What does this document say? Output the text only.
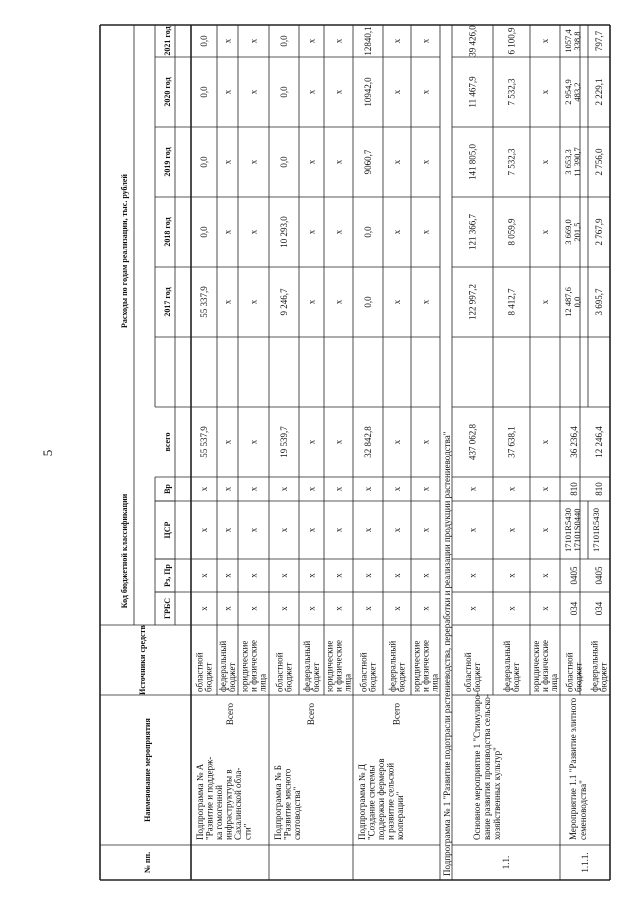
№ пп.
Наименование мероприятия
Источники средств
Код бюджетной классификации
Расходы по годам реализации, тыс. рублей
всего
ГРБС
Рз, Пр
ЦСР
Вр
2017 год
2018 год
2019 год
2020 год
2021 год
Подпрограмма № А "Развитие и поддерж- ка гомогенной инфраструктуры в Сахалинской обла- сти"
Всего
областной бюджет
х
х
х
х
55 537,9
55 337,9
0,0
0,0
0,0
0,0
федеральный бюджет
х
х
х
х
х
х
х
х
х
х
юридические и физические лица
х
х
х
х
х
х
х
х
х
х
Подпрограмма № Б "Развитие мясного скотоводства"
Всего
областной бюджет
х
х
х
х
19 539,7
9 246,7
10 293,0
0,0
0,0
0,0
федеральный бюджет
х
х
х
х
х
х
х
х
х
х
юридические и физические лица
х
х
х
х
х
х
х
х
х
х
Подпрограмма № Д "Создание системы поддержки фермеров и развитие сельской кооперации"
Всего
областной бюджет
х
х
х
х
32 842,8
0,0
0,0
9060,7
10942,0
12840,1
федеральный бюджет
х
х
х
х
х
х
х
х
х
х
юридические и физические лица
х
х
х
х
х
х
х
х
х
х
Подпрограмма № 1 "Развитие подотрасли растениеводства, переработки и реализации продукции растениеводства"	1.1.
Основное мероприятие 1 "Стимулиро- вание развития производства сельско- хозяйственных культур"
областной бюджет
х
х
х
х
437 062,8
122 997,2
121 366,7
141 805,0
11 467,9
39 426,0
федеральный бюджет
х
х
х
х
37 638,1
8 412,7
8 059,9
7 532,3
7 532,3
6 100,9
юридические и физические лица
х
х
х
х
х
х
х
х
х
х
1.1.1.
Мероприятие 1.1 "Развитие элитного семеноводства"
областной бюджет
034
0405
17101R5430 17101S0440
810
36 236,4
12 487,6 0,0
3 669,0 201,5
3 653,3 11 390,7
2 954,9 483,2
1057,4 338,8
федеральный бюджет
034
0405
17101R5430
810
12 246,4
3 695,7
2 767,9
2 756,0
2 229,1
797,7
5
